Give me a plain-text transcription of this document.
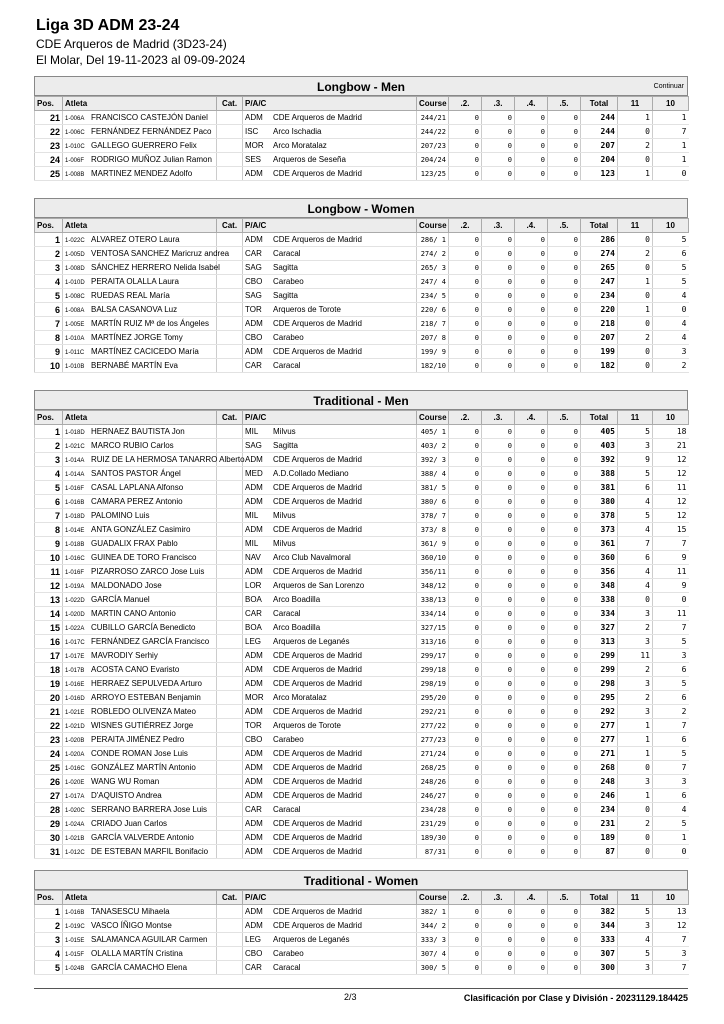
Liga 3D ADM 23-24
CDE Arqueros de Madrid (3D23-24)
El Molar, Del 19-11-2023 al 09-09-2024
Longbow - Men	Continuar
Pos.	Atleta	Cat.	P/A/C	Course	.2.	.3.	.4.	.5.	Total	11	10
21	1-006A FRANCISCO CASTEJÓN Daniel		ADM CDE Arqueros de Madrid	244/21	0	0	0	0	244	1	1
22	1-006C FERNÁNDEZ FERNÁNDEZ Paco		ISC Arco Ischadia	244/22	0	0	0	0	244	0	7
23	1-010C GALLEGO GUERRERO Felix		MOR Arco Moratalaz	207/23	0	0	0	0	207	2	1
24	1-006F RODRIGO MUÑOZ Julian Ramon		SES Arqueros de Seseña	204/24	0	0	0	0	204	0	1
25	1-008B MARTINEZ MENDEZ Adolfo		ADM CDE Arqueros de Madrid	123/25	0	0	0	0	123	1	0
Longbow - Women
Pos.	Atleta	Cat.	P/A/C	Course	.2.	.3.	.4.	.5.	Total	11	10
1	1-022C ALVAREZ OTERO Laura		ADM CDE Arqueros de Madrid	286/ 1	0	0	0	0	286	0	5
2	1-005D VENTOSA SANCHEZ Maricruz andrea		CAR Caracal	274/ 2	0	0	0	0	274	2	6
3	1-008D SÁNCHEZ HERRERO Nelida Isabel		SAG Sagitta	265/ 3	0	0	0	0	265	0	5
4	1-010D PERAITA OLALLA Laura		CBO Carabeo	247/ 4	0	0	0	0	247	1	5
5	1-008C RUEDAS REAL María		SAG Sagitta	234/ 5	0	0	0	0	234	0	4
6	1-008A BALSA CASANOVA Luz		TOR Arqueros de Torote	220/ 6	0	0	0	0	220	1	0
7	1-005E MARTÍN RUIZ Mª de los Ángeles		ADM CDE Arqueros de Madrid	218/ 7	0	0	0	0	218	0	4
8	1-010A MARTÍNEZ JORGE Tomy		CBO Carabeo	207/ 8	0	0	0	0	207	2	4
9	1-011C MARTÍNEZ CACICEDO María		ADM CDE Arqueros de Madrid	199/ 9	0	0	0	0	199	0	3
10	1-010B BERNABÉ MARTÍN Eva		CAR Caracal	182/10	0	0	0	0	182	0	2
Traditional - Men
Pos.	Atleta	Cat.	P/A/C	Course	.2.	.3.	.4.	.5.	Total	11	10
1	1-018D HERNAEZ BAUTISTA Jon		MIL Milvus	405/ 1	0	0	0	0	405	5	18
2	1-021C MARCO RUBIO Carlos		SAG Sagitta	403/ 2	0	0	0	0	403	3	21
3	1-014A RUIZ DE LA HERMOSA TANARRO Alberto		ADM CDE Arqueros de Madrid	392/ 3	0	0	0	0	392	9	12
4	1-014A SANTOS PASTOR Ángel		MED A.D.Collado Mediano	388/ 4	0	0	0	0	388	5	12
5	1-016F CASAL LAPLANA Alfonso		ADM CDE Arqueros de Madrid	381/ 5	0	0	0	0	381	6	11
6	1-016B CAMARA PEREZ Antonio		ADM CDE Arqueros de Madrid	380/ 6	0	0	0	0	380	4	12
7	1-018D PALOMINO Luis		MIL Milvus	378/ 7	0	0	0	0	378	5	12
8	1-014E ANTA GONZÁLEZ Casimiro		ADM CDE Arqueros de Madrid	373/ 8	0	0	0	0	373	4	15
9	1-018B GUADALIX FRAX Pablo		MIL Milvus	361/ 9	0	0	0	0	361	7	7
10	1-016C GUINEA DE TORO Francisco		NAV Arco Club Navalmoral	360/10	0	0	0	0	360	6	9
11	1-016F PIZARROSO ZARCO Jose Luis		ADM CDE Arqueros de Madrid	356/11	0	0	0	0	356	4	11
12	1-019A MALDONADO Jose		LOR Arqueros de San Lorenzo	348/12	0	0	0	0	348	4	9
13	1-022D GARCÍA Manuel		BOA Arco Boadilla	338/13	0	0	0	0	338	0	0
14	1-020D MARTIN CANO Antonio		CAR Caracal	334/14	0	0	0	0	334	3	11
15	1-022A CUBILLO GARCÍA Benedicto		BOA Arco Boadilla	327/15	0	0	0	0	327	2	7
16	1-017C FERNÁNDEZ GARCÍA Francisco		LEG Arqueros de Leganés	313/16	0	0	0	0	313	3	5
17	1-017E MAVRODIY Serhiy		ADM CDE Arqueros de Madrid	299/17	0	0	0	0	299	11	3
18	1-017B ACOSTA CANO Evaristo		ADM CDE Arqueros de Madrid	299/18	0	0	0	0	299	2	6
19	1-016E HERRAEZ SEPULVEDA Arturo		ADM CDE Arqueros de Madrid	298/19	0	0	0	0	298	3	5
20	1-016D ARROYO ESTEBAN Benjamin		MOR Arco Moratalaz	295/20	0	0	0	0	295	2	6
21	1-021E ROBLEDO OLIVENZA Mateo		ADM CDE Arqueros de Madrid	292/21	0	0	0	0	292	3	2
22	1-021D WISNES GUTIÉRREZ Jorge		TOR Arqueros de Torote	277/22	0	0	0	0	277	1	7
23	1-020B PERAITA JIMÉNEZ Pedro		CBO Carabeo	277/23	0	0	0	0	277	1	6
24	1-020A CONDE ROMAN Jose Luis		ADM CDE Arqueros de Madrid	271/24	0	0	0	0	271	1	5
25	1-016C GONZÁLEZ MARTÍN Antonio		ADM CDE Arqueros de Madrid	268/25	0	0	0	0	268	0	7
26	1-020E WANG WU Roman		ADM CDE Arqueros de Madrid	248/26	0	0	0	0	248	3	3
27	1-017A D'AQUISTO Andrea		ADM CDE Arqueros de Madrid	246/27	0	0	0	0	246	1	6
28	1-020C SERRANO BARRERA Jose Luis		CAR Caracal	234/28	0	0	0	0	234	0	4
29	1-024A CRIADO Juan Carlos		ADM CDE Arqueros de Madrid	231/29	0	0	0	0	231	2	5
30	1-021B GARCÍA VALVERDE Antonio		ADM CDE Arqueros de Madrid	189/30	0	0	0	0	189	0	1
31	1-012C DE ESTEBAN MARFIL Bonifacio		ADM CDE Arqueros de Madrid	87/31	0	0	0	0	87	0	0
Traditional - Women
Pos.	Atleta	Cat.	P/A/C	Course	.2.	.3.	.4.	.5.	Total	11	10
1	1-016B TANASESCU Mihaela		ADM CDE Arqueros de Madrid	382/ 1	0	0	0	0	382	5	13
2	1-019C VASCO ÍÑIGO Montse		ADM CDE Arqueros de Madrid	344/ 2	0	0	0	0	344	3	12
3	1-015E SALAMANCA AGUILAR Carmen		LEG Arqueros de Leganés	333/ 3	0	0	0	0	333	4	7
4	1-015F OLALLA MARTÍN Cristina		CBO Carabeo	307/ 4	0	0	0	0	307	5	3
5	1-024B GARCÍA CAMACHO Elena		CAR Caracal	300/ 5	0	0	0	0	300	3	7
2/3	Clasificación por Clase y División - 20231129.184425
